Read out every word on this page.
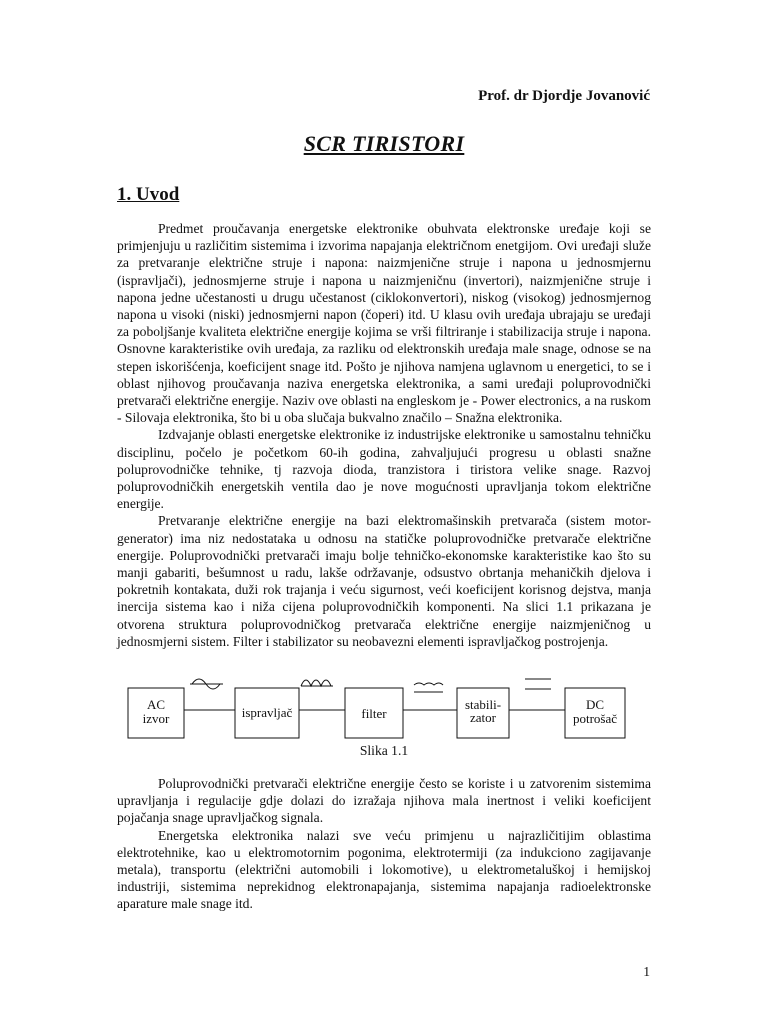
Prof. dr Djordje Jovanović
SCR TIRISTORI
1. Uvod

Predmet proučavanja energetske elektronike obuhvata elektronske uređaje koji se primjenjuju u različitim sistemima i izvorima napajanja električnom enetgijom. Ovi uređaji služe za pretvaranje električne struje i napona: naizmjenične struje i napona u jednosmjernu (ispravljači), jednosmjerne struje i napona u naizmjeničnu (invertori), naizmjenične struje i napona jedne učestanosti u drugu učestanost (ciklokonvertori), niskog (visokog) jednosmjernog napona u visoki (niski) jednosmjerni napon (čoperi) itd. U klasu ovih uređaja ubrajaju se uređaji za poboljšanje kvaliteta električne energije kojima se vrši filtriranje i stabilizacija struje i napona. Osnovne karakteristike ovih uređaja, za razliku od elektronskih uređaja male snage, odnose se na stepen iskorišćenja, koeficijent snage itd. Pošto je njihova namjena uglavnom u energetici, to se i oblast njihovog proučavanja naziva energetska elektronika, a sami uređaji poluprovodnički pretvarači električne energije. Naziv ove oblasti na engleskom je - Power electronics, a na ruskom - Silovaja elektronika, što bi u oba slučaja bukvalno značilo – Snažna elektronika.

Izdvajanje oblasti energetske elektronike iz industrijske elektronike u samostalnu tehničku disciplinu, počelo je početkom 60-ih godina, zahvaljujući progresu u oblasti snažne poluprovodničke tehnike, tj razvoja dioda, tranzistora i tiristora velike snage. Razvoj poluprovodničkih energetskih ventila dao je nove mogućnosti upravljanja tokom električne energije.

Pretvaranje električne energije na bazi elektromašinskih pretvarača (sistem motor-generator) ima niz nedostataka u odnosu na statičke poluprovodničke pretvarače električne energije. Poluprovodnički pretvarači imaju bolje tehničko-ekonomske karakteristike kao što su manji gabariti, bešumnost u radu, lakše održavanje, odsustvo obrtanja mehaničkih djelova i pokretnih kontakata, duži rok trajanja i veću sigurnost, veći koeficijent korisnog dejstva, manja inercija sistema kao i niža cijena poluprovodničkih komponenti. Na slici 1.1 prikazana je otvorena struktura poluprovodničkog pretvarača električne energije naizmjeničnog u jednosmjerni sistem. Filter i stabilizator su neobavezni elementi ispravljačkog postrojenja.

AC
izvor	ispravljač	filter
stabili-
zator
DC
potrošač
Slika 1.1

Poluprovodnički pretvarači električne energije često se koriste i u zatvorenim sistemima upravljanja i regulacije gdje dolazi do izražaja njihova mala inertnost i veliki koeficijent pojačanja snage upravljačkog signala.

Energetska elektronika nalazi sve veću primjenu u najrazličitijim oblastima elektrotehnike, kao u elektromotornim pogonima, elektrotermiji (za indukciono zagijavanje metala), transportu (električni automobili i lokomotive), u elektrometaluškoj i hemijskoj industriji, sistemima neprekidnog elektronapajanja, sistemima napajanja radioelektronske aparature male snage itd.

1
